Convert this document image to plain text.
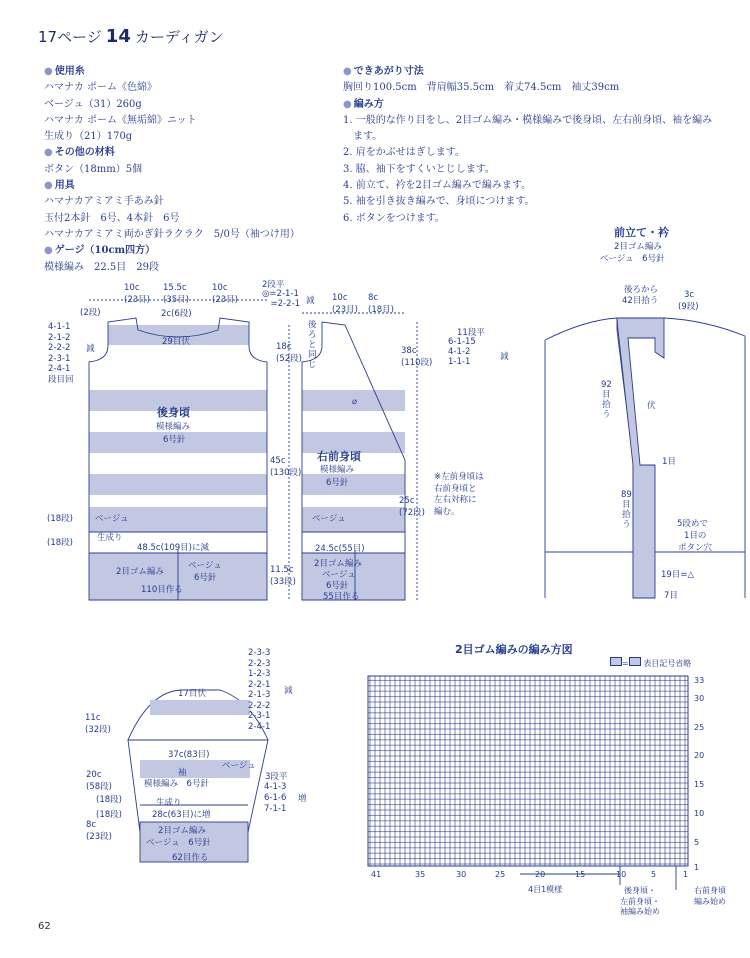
17ページ 14 カーディガン
● 使用糸
ハマナカ ポーム《色綿》
ベージュ（31）260g
ハマナカ ポーム《無垢綿》ニット
生成り（21）170g
● その他の材料
ボタン（18mm）5個
● 用具
ハマナカアミアミ手あみ針
玉付2本針　6号、4本針　6号
ハマナカアミアミ両かぎ針ラクラク　5/0号（袖つけ用）
● ゲージ（10cm四方）
模様編み　22.5目　29段
● できあがり寸法
胸回り100.5cm　背肩幅35.5cm　着丈74.5cm　袖丈39cm
● 編み方
1. 一般的な作り目をし、2目ゴム編み・模様編みで後身頃、左右前身頃、袖を編み
　ます。
2. 肩をかぶせはぎします。
3. 脇、袖下をすくいとじします。
4. 前立て、衿を2目ゴム編みで編みます。
5. 袖を引き抜き編みで、身頃につけます。
6. ボタンをつけます。
10c
(23目)
15.5c
(35目)
10c
(23目)
2c(6段)
29目伏
2段平
◎=2-1-1
　=2-2-1 減
(2段)
4-1-1
2-1-2
2-2-2
2-3-1
2-4-1
段目回
減
後身頃
模様編み
6号針
ベージュ
生成り
(18段)
(18段)	48.5c(109目)に減
2目ゴム編み
ベージュ
6号針
110目作る
18c
(52段)
45c
(130段)
11.5c
(33段)
10c
(23目)
8c
(18目)
後ろと同じ
⌀
11段平
6-1-15
4-1-2
1-1-1	減
38c
(110段)
25c
(72段)
右前身頃
模様編み
6号針
ベージュ
24.5c(55目)
2目ゴム編み
ベージュ
6号針
55目作る
※左前身頃は
右前身頃と
左右対称に
編む。
前立て・衿
2目ゴム編み
ベージュ　6号針
後ろから
42目拾う
3c
(9段)
92
目
拾
う
伏
1目
89
目
拾
う	5段めで
1目の
ボタン穴
19目=△
7目
17目伏
2-3-3
2-2-3
1-2-3
2-2-1
2-1-3
2-2-2
2-3-1
2-4-1
減
11c
(32段)
37c(83目)
ベージュ
袖
模様編み　 6号針
3段平
4-1-3
6-1-6
7-1-1
増
20c
(58段)
(18段)
(18段)
生成り
28c(63目)に増
2目ゴム編み
ベージュ　 6号針
8c
(23段)
62目作る
2目ゴム編みの編み方図
= 表目記号省略
41	35	30	25	20	15	10	5	1
33
30
25
20
15
10
5
1
4目1模様	後身頃・
左前身頃・
袖編み始め
右前身頃
編み始め
62
